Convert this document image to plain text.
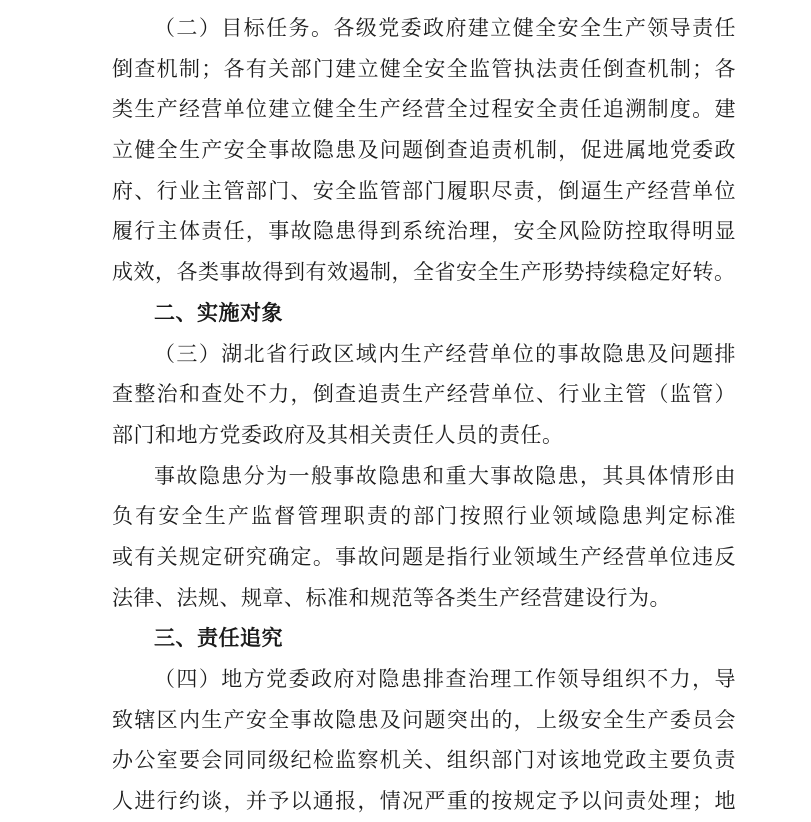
（二）目标任务。各级党委政府建立健全安全生产领导责任
倒查机制；各有关部门建立健全安全监管执法责任倒查机制；各
类生产经营单位建立健全生产经营全过程安全责任追溯制度。建
立健全生产安全事故隐患及问题倒查追责机制，促进属地党委政
府、行业主管部门、安全监管部门履职尽责，倒逼生产经营单位
履行主体责任，事故隐患得到系统治理，安全风险防控取得明显
成效，各类事故得到有效遏制，全省安全生产形势持续稳定好转。
二、实施对象
（三）湖北省行政区域内生产经营单位的事故隐患及问题排
查整治和查处不力，倒查追责生产经营单位、行业主管（监管）
部门和地方党委政府及其相关责任人员的责任。
事故隐患分为一般事故隐患和重大事故隐患，其具体情形由
负有安全生产监督管理职责的部门按照行业领域隐患判定标准
或有关规定研究确定。事故问题是指行业领域生产经营单位违反
法律、法规、规章、标准和规范等各类生产经营建设行为。
三、责任追究
（四）地方党委政府对隐患排查治理工作领导组织不力，导
致辖区内生产安全事故隐患及问题突出的，上级安全生产委员会
办公室要会同同级纪检监察机关、组织部门对该地党政主要负责
人进行约谈，并予以通报，情况严重的按规定予以问责处理；地
